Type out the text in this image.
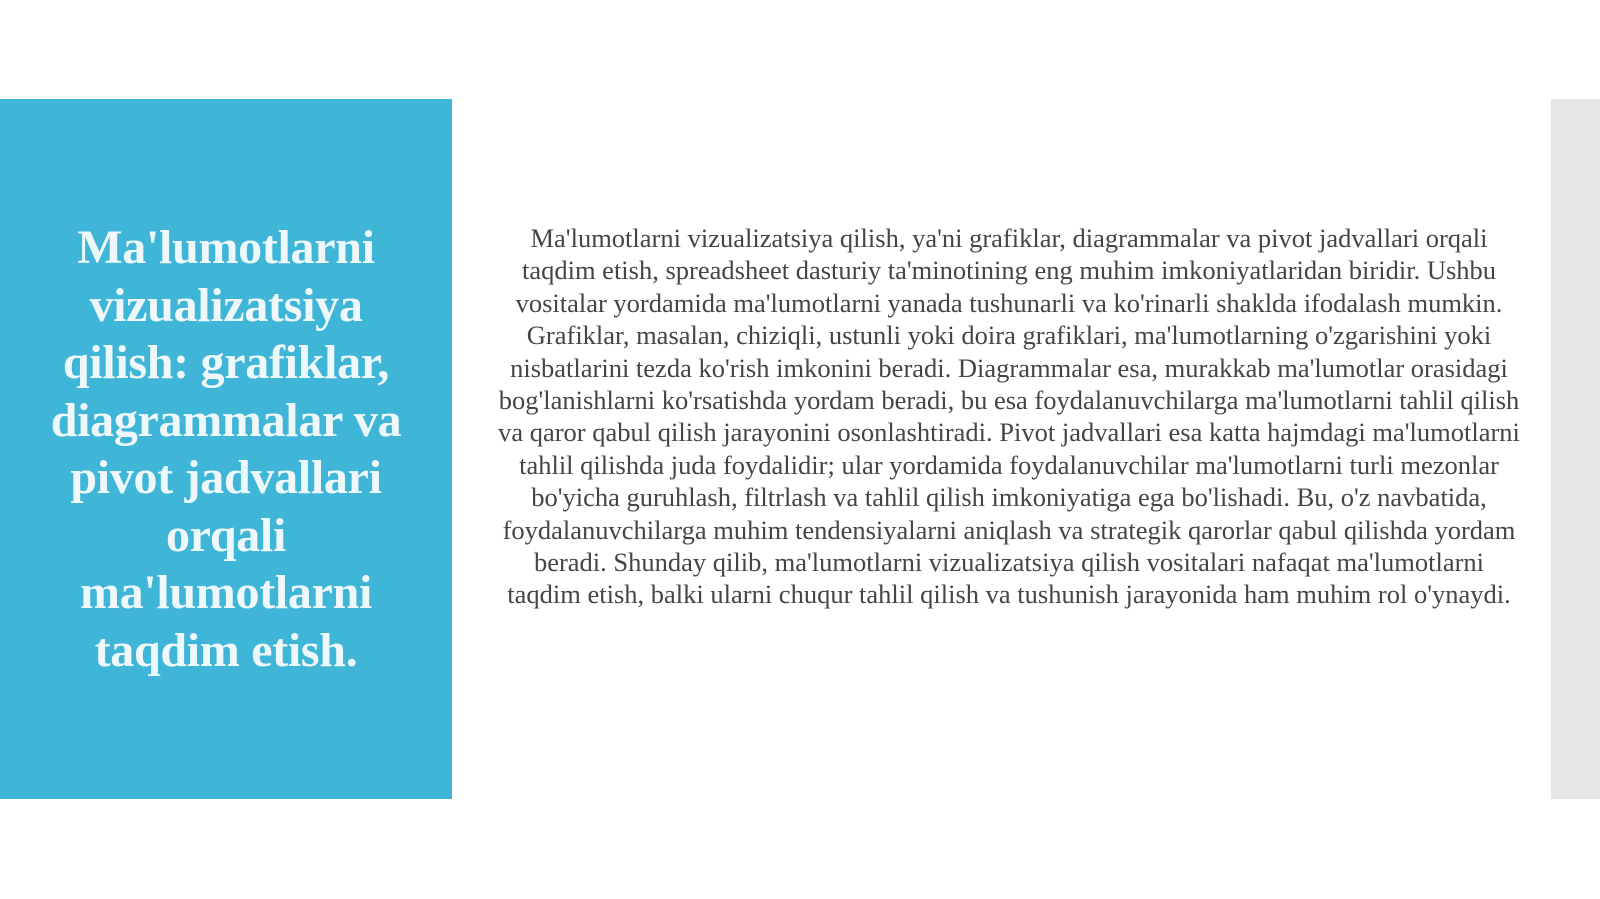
Ma'lumotlarni vizualizatsiya qilish: grafiklar, diagrammalar va pivot jadvallari orqali ma'lumotlarni taqdim etish.

Ma'lumotlarni vizualizatsiya qilish, ya'ni grafiklar, diagrammalar va pivot jadvallari orqali taqdim etish, spreadsheet dasturiy ta'minotining eng muhim imkoniyatlaridan biridir. Ushbu vositalar yordamida ma'lumotlarni yanada tushunarli va ko'rinarli shaklda ifodalash mumkin. Grafiklar, masalan, chiziqli, ustunli yoki doira grafiklari, ma'lumotlarning o'zgarishini yoki nisbatlarini tezda ko'rish imkonini beradi. Diagrammalar esa, murakkab ma'lumotlar orasidagi bog'lanishlarni ko'rsatishda yordam beradi, bu esa foydalanuvchilarga ma'lumotlarni tahlil qilish va qaror qabul qilish jarayonini osonlashtiradi. Pivot jadvallari esa katta hajmdagi ma'lumotlarni tahlil qilishda juda foydalidir; ular yordamida foydalanuvchilar ma'lumotlarni turli mezonlar bo'yicha guruhlash, filtrlash va tahlil qilish imkoniyatiga ega bo'lishadi. Bu, o'z navbatida, foydalanuvchilarga muhim tendensiyalarni aniqlash va strategik qarorlar qabul qilishda yordam beradi. Shunday qilib, ma'lumotlarni vizualizatsiya qilish vositalari nafaqat ma'lumotlarni taqdim etish, balki ularni chuqur tahlil qilish va tushunish jarayonida ham muhim rol o'ynaydi.
